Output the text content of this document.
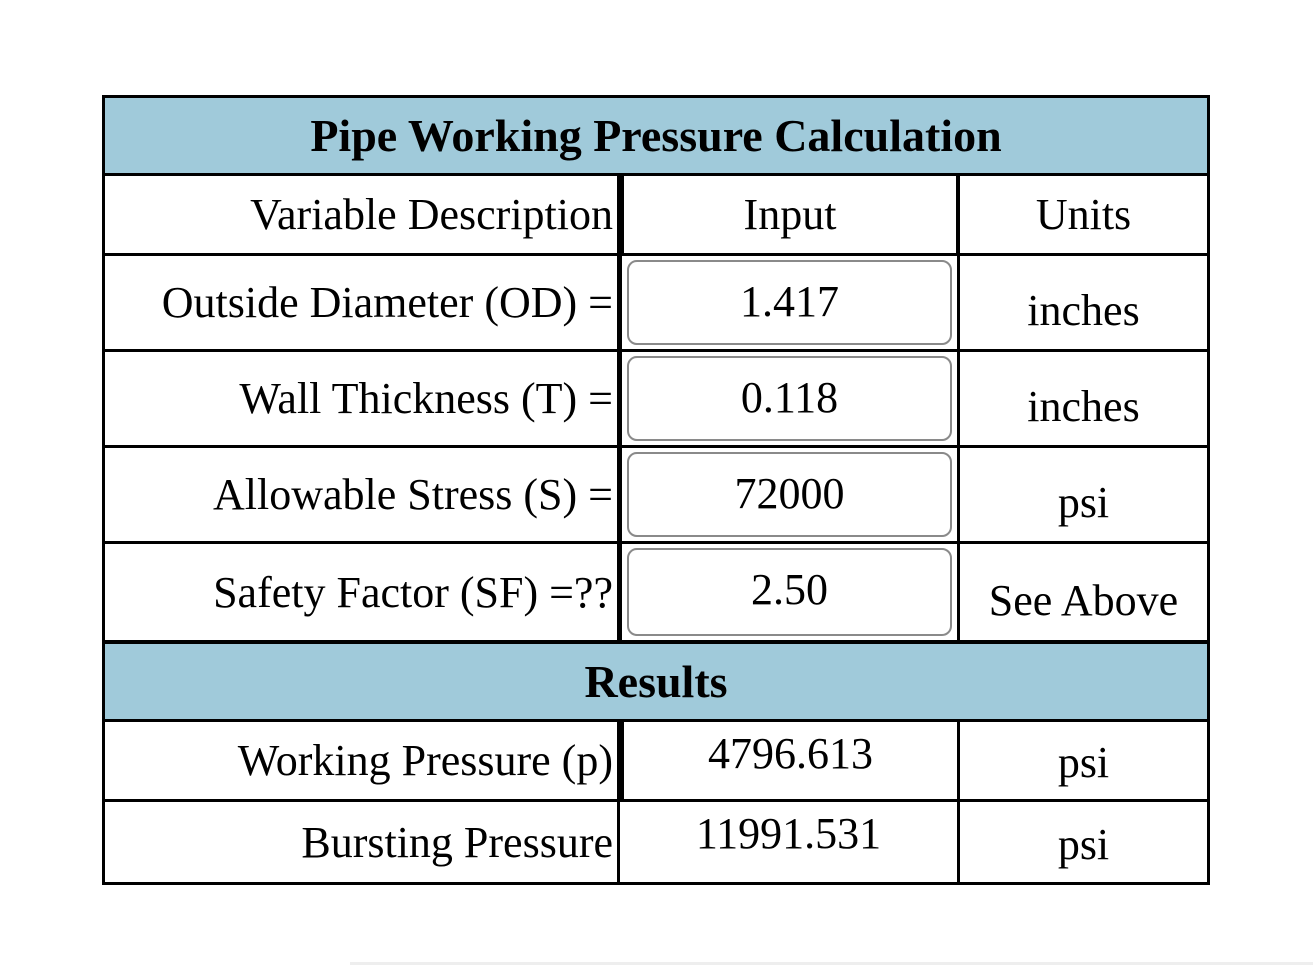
Pipe Working Pressure Calculation
Variable Description	Input	Units
Outside Diameter (OD) =	1.417	inches
Wall Thickness (T) =	0.118	inches
Allowable Stress (S) =	72000	psi
Safety Factor (SF) =??	2.50	See Above
Results
Working Pressure (p)	4796.613	psi
Bursting Pressure	11991.531	psi
